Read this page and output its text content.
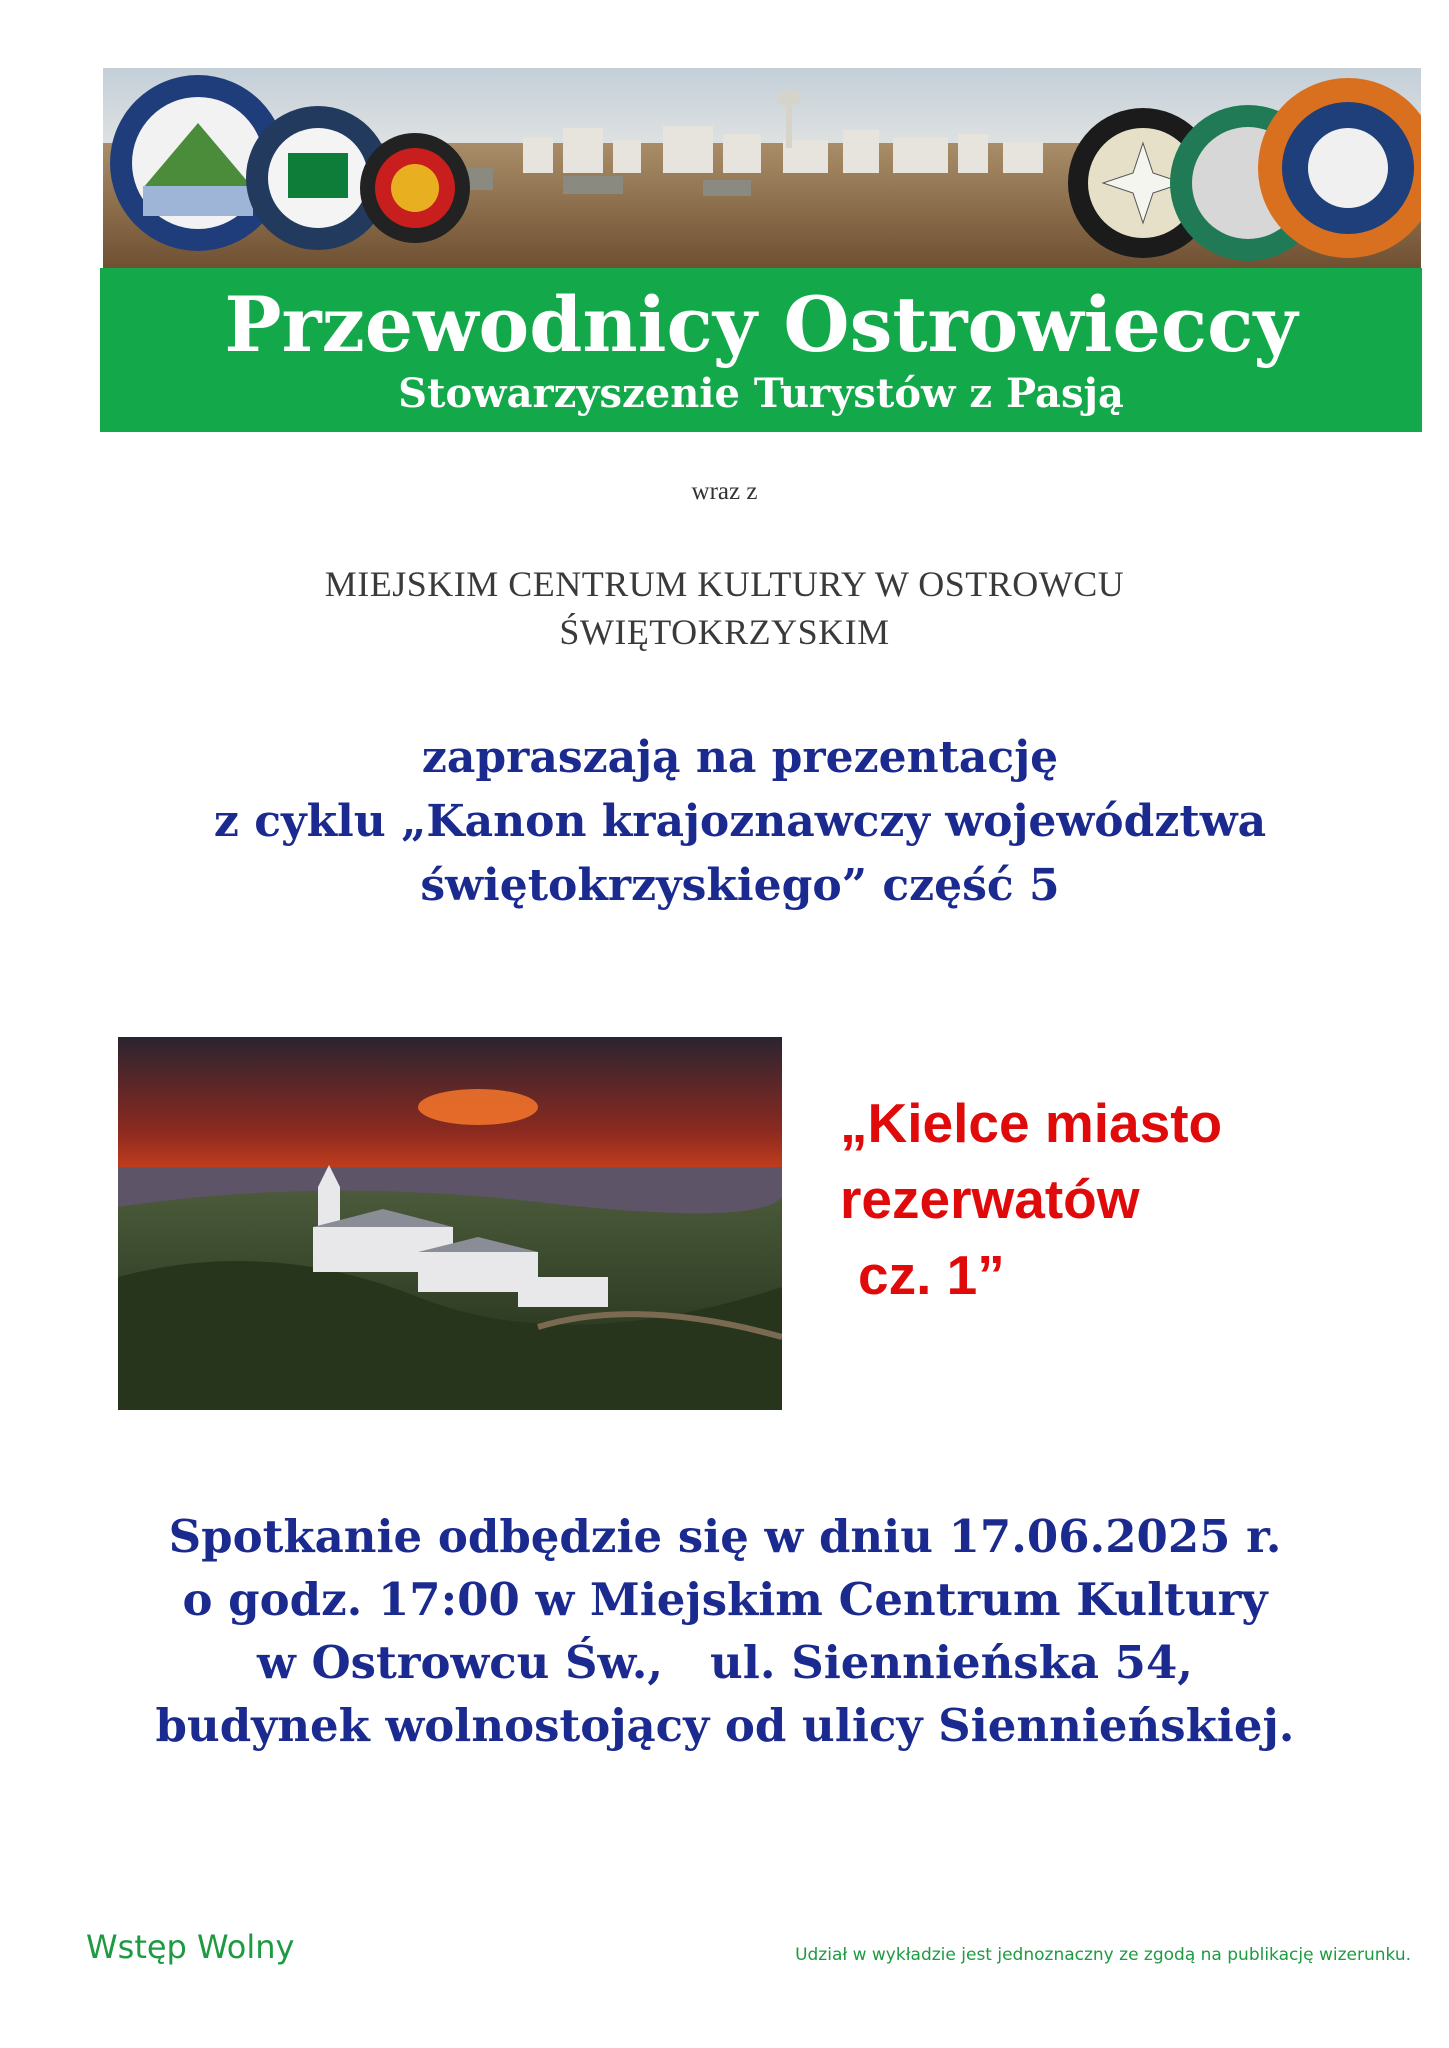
Przewodnicy Ostrowieccy
Stowarzyszenie Turystów z Pasją
wraz z
MIEJSKIM CENTRUM KULTURY W OSTROWCU
ŚWIĘTOKRZYSKIM
zapraszają na prezentację
z cyklu „Kanon krajoznawczy województwa
świętokrzyskiego” część 5
„Kielce miasto
rezerwatów
cz. 1”
Spotkanie odbędzie się w dniu 17.06.2025 r.
o godz. 17:00 w Miejskim Centrum Kultury
w Ostrowcu Św.,   ul. Siennieńska 54,
budynek wolnostojący od ulicy Siennieńskiej.
Wstęp Wolny	Udział w wykładzie jest jednoznaczny ze zgodą na publikację wizerunku.
